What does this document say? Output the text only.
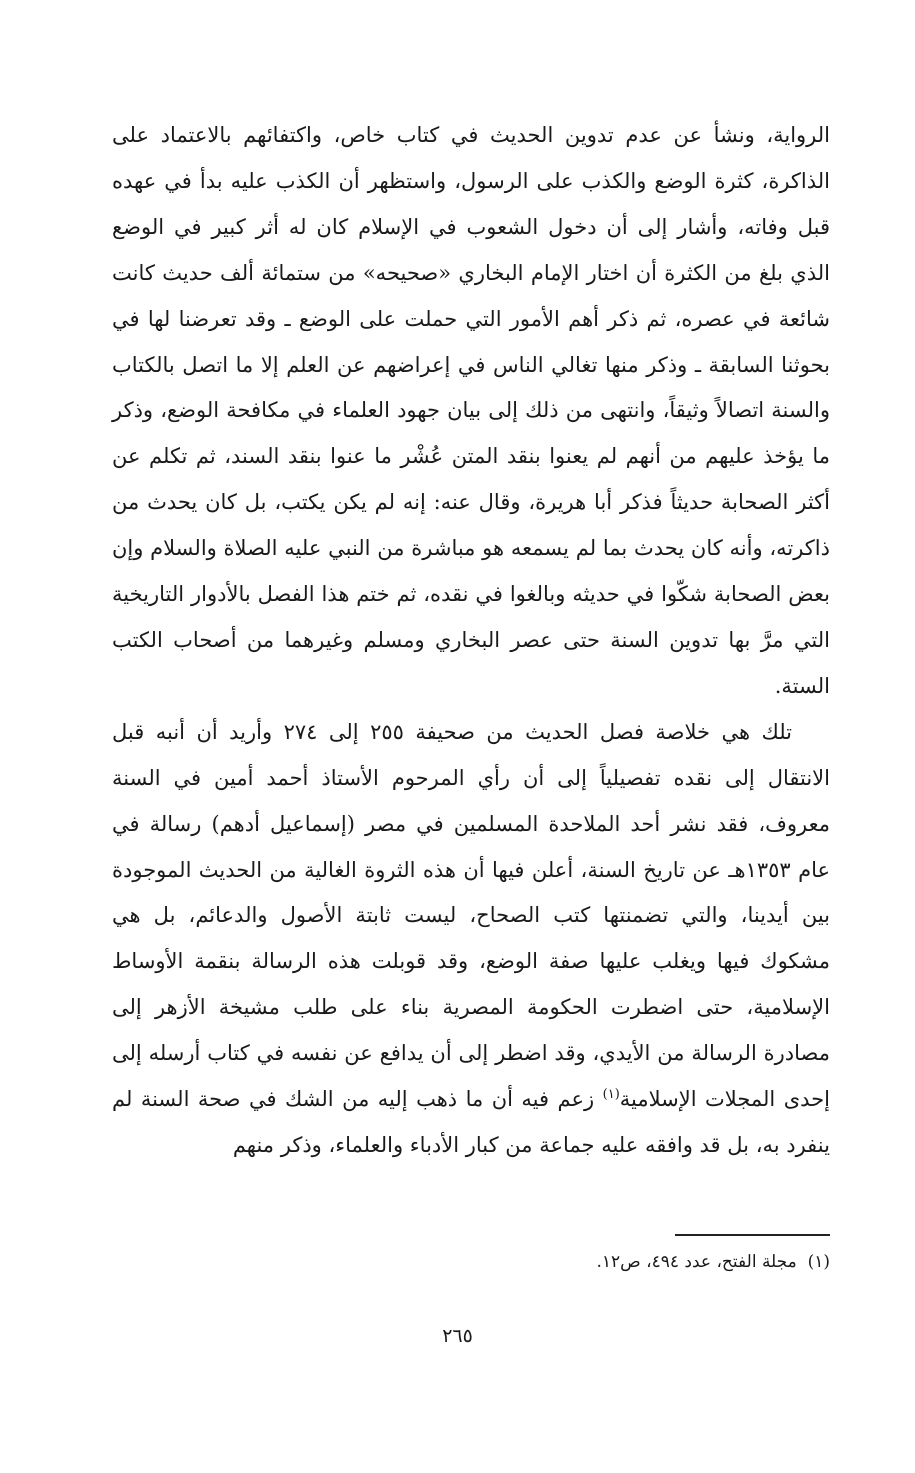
الرواية، ونشأ عن عدم تدوين الحديث في كتاب خاص، واكتفائهم بالاعتماد على الذاكرة، كثرة الوضع والكذب على الرسول، واستظهر أن الكذب عليه بدأ في عهده قبل وفاته، وأشار إلى أن دخول الشعوب في الإسلام كان له أثر كبير في الوضع الذي بلغ من الكثرة أن اختار الإمام البخاري «صحيحه» من ستمائة ألف حديث كانت شائعة في عصره، ثم ذكر أهم الأمور التي حملت على الوضع ـ وقد تعرضنا لها في بحوثنا السابقة ـ وذكر منها تغالي الناس في إعراضهم عن العلم إلا ما اتصل بالكتاب والسنة اتصالاً وثيقاً، وانتهى من ذلك إلى بيان جهود العلماء في مكافحة الوضع، وذكر ما يؤخذ عليهم من أنهم لم يعنوا بنقد المتن عُشْر ما عنوا بنقد السند، ثم تكلم عن أكثر الصحابة حديثاً فذكر أبا هريرة، وقال عنه: إنه لم يكن يكتب، بل كان يحدث من ذاكرته، وأنه كان يحدث بما لم يسمعه هو مباشرة من النبي عليه الصلاة والسلام وإن بعض الصحابة شكّوا في حديثه وبالغوا في نقده، ثم ختم هذا الفصل بالأدوار التاريخية التي مرَّ بها تدوين السنة حتى عصر البخاري ومسلم وغيرهما من أصحاب الكتب الستة.

تلك هي خلاصة فصل الحديث من صحيفة ٢٥٥ إلى ٢٧٤ وأريد أن أنبه قبل الانتقال إلى نقده تفصيلياً إلى أن رأي المرحوم الأستاذ أحمد أمين في السنة معروف، فقد نشر أحد الملاحدة المسلمين في مصر (إسماعيل أدهم) رسالة في عام ١٣٥٣هـ عن تاريخ السنة، أعلن فيها أن هذه الثروة الغالية من الحديث الموجودة بين أيدينا، والتي تضمنتها كتب الصحاح، ليست ثابتة الأصول والدعائم، بل هي مشكوك فيها ويغلب عليها صفة الوضع، وقد قوبلت هذه الرسالة بنقمة الأوساط الإسلامية، حتى اضطرت الحكومة المصرية بناء على طلب مشيخة الأزهر إلى مصادرة الرسالة من الأيدي، وقد اضطر إلى أن يدافع عن نفسه في كتاب أرسله إلى إحدى المجلات الإسلامية$^{(١)}$ زعم فيه أن ما ذهب إليه من الشك في صحة السنة لم ينفرد به، بل قد وافقه عليه جماعة من كبار الأدباء والعلماء، وذكر منهم

(١)  مجلة الفتح، عدد ٤٩٤، ص١٢.
٢٦٥
